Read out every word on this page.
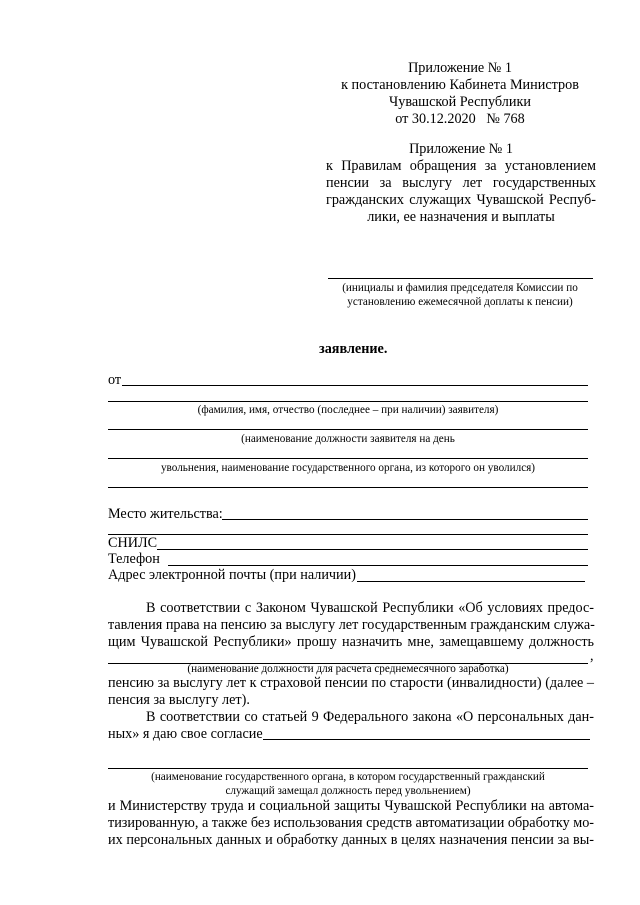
Приложение № 1
к постановлению Кабинета Министров
Чувашской Республики
от 30.12.2020   № 768
Приложение № 1
к Правилам обращения за установлением
пенсии за выслугу лет государственных
гражданских служащих Чувашской Респуб-
лики, ее назначения и выплаты
(инициалы и фамилия председателя Комиссии по
установлению ежемесячной доплаты к пенсии)
заявление.
от
(фамилия, имя, отчество (последнее – при наличии) заявителя)
(наименование должности заявителя на день
увольнения, наименование государственного органа, из которого он уволился)
Место жительства:
СНИЛС
Телефон
Адрес электронной почты (при наличии)
В соответствии с Законом Чувашской Республики «Об условиях предос-
тавления права на пенсию за выслугу лет государственным гражданским служа-
щим Чувашской Республики» прошу назначить мне, замещавшему должность
,
(наименование должности для расчета среднемесячного заработка)
пенсию за выслугу лет к страховой пенсии по старости (инвалидности) (далее –
пенсия за выслугу лет).
В соответствии со статьей 9 Федерального закона «О персональных дан-
ных» я даю свое согласие
(наименование государственного органа, в котором государственный гражданский
служащий замещал должность перед увольнением)
и Министерству труда и социальной защиты Чувашской Республики на автома-
тизированную, а также без использования средств автоматизации обработку мо-
их персональных данных и обработку данных в целях назначения пенсии за вы-
